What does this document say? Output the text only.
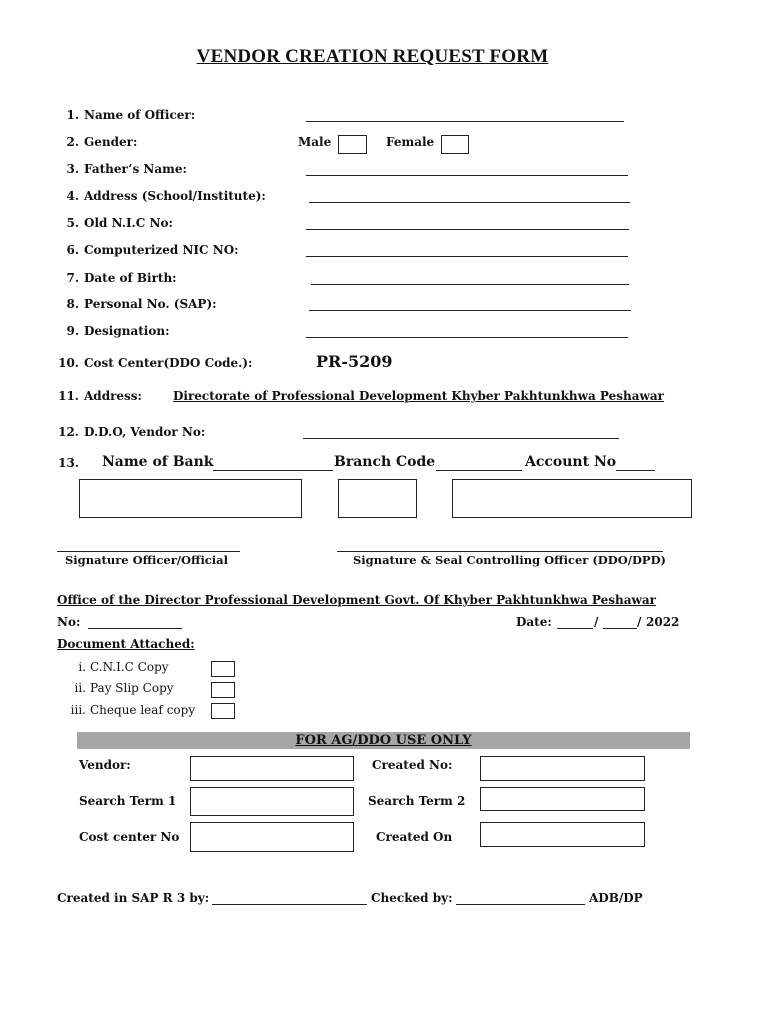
VENDOR CREATION REQUEST FORM
1. Name of Officer:
2. Gender:	Male	Female
3. Father’s Name:
4. Address (School/Institute):
5. Old N.I.C No:
6. Computerized NIC NO:
7. Date of Birth:
8. Personal No. (SAP):
9. Designation:
10. Cost Center(DDO Code.):	PR-5209
11. Address:	Directorate of Professional Development Khyber Pakhtunkhwa Peshawar
12. D.D.O, Vendor No:
13.	Name of Bank	Branch Code	Account No
Signature Officer/Official	Signature & Seal Controlling Officer (DDO/DPD)
Office of the Director Professional Development Govt. Of Khyber Pakhtunkhwa Peshawar
No:	Date:	/	/ 2022
Document Attached:
i. C.N.I.C Copy
ii. Pay Slip Copy
iii. Cheque leaf copy
FOR AG/DDO USE ONLY
Vendor:	Created No:
Search Term 1	Search Term 2
Cost center No	Created On
Created in SAP R 3 by:	Checked by:	ADB/DP
